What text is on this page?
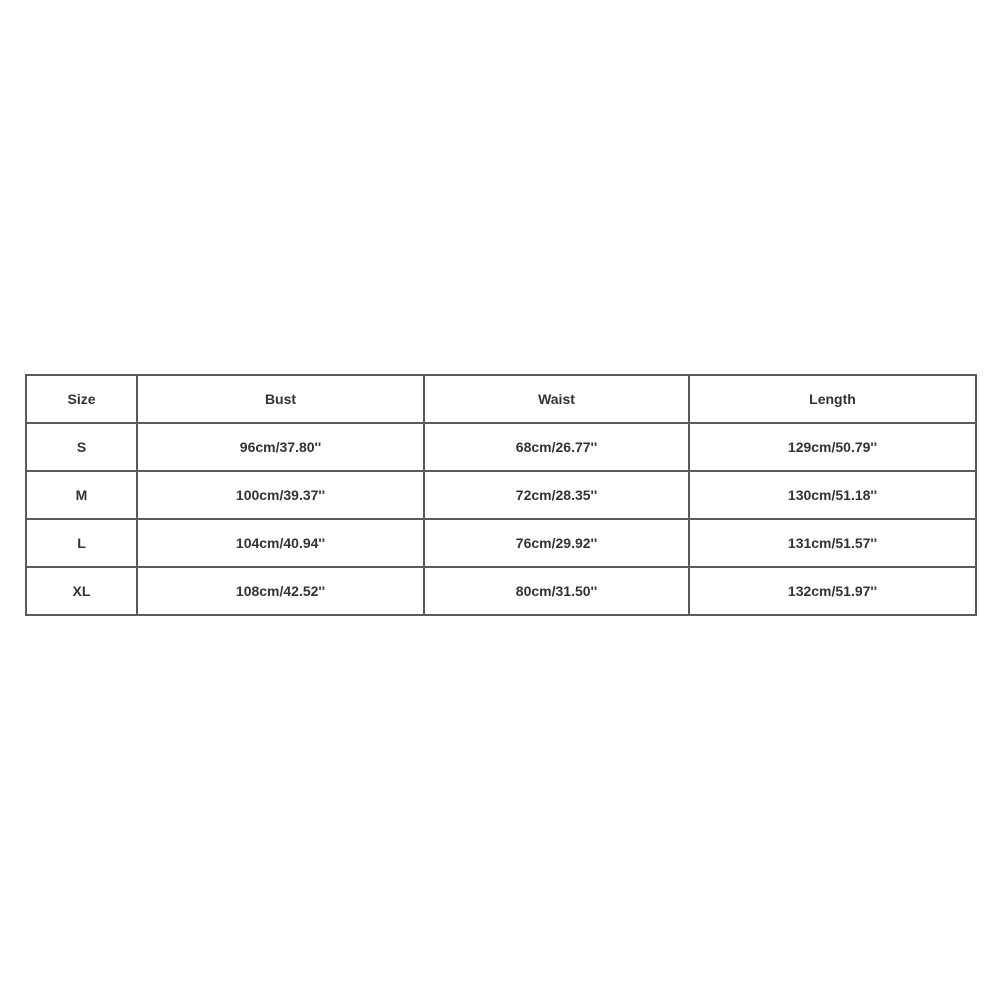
Size	Bust	Waist	Length
S	96cm/37.80''	68cm/26.77''	129cm/50.79''
M	100cm/39.37''	72cm/28.35''	130cm/51.18''
L	104cm/40.94''	76cm/29.92''	131cm/51.57''
XL	108cm/42.52''	80cm/31.50''	132cm/51.97''
